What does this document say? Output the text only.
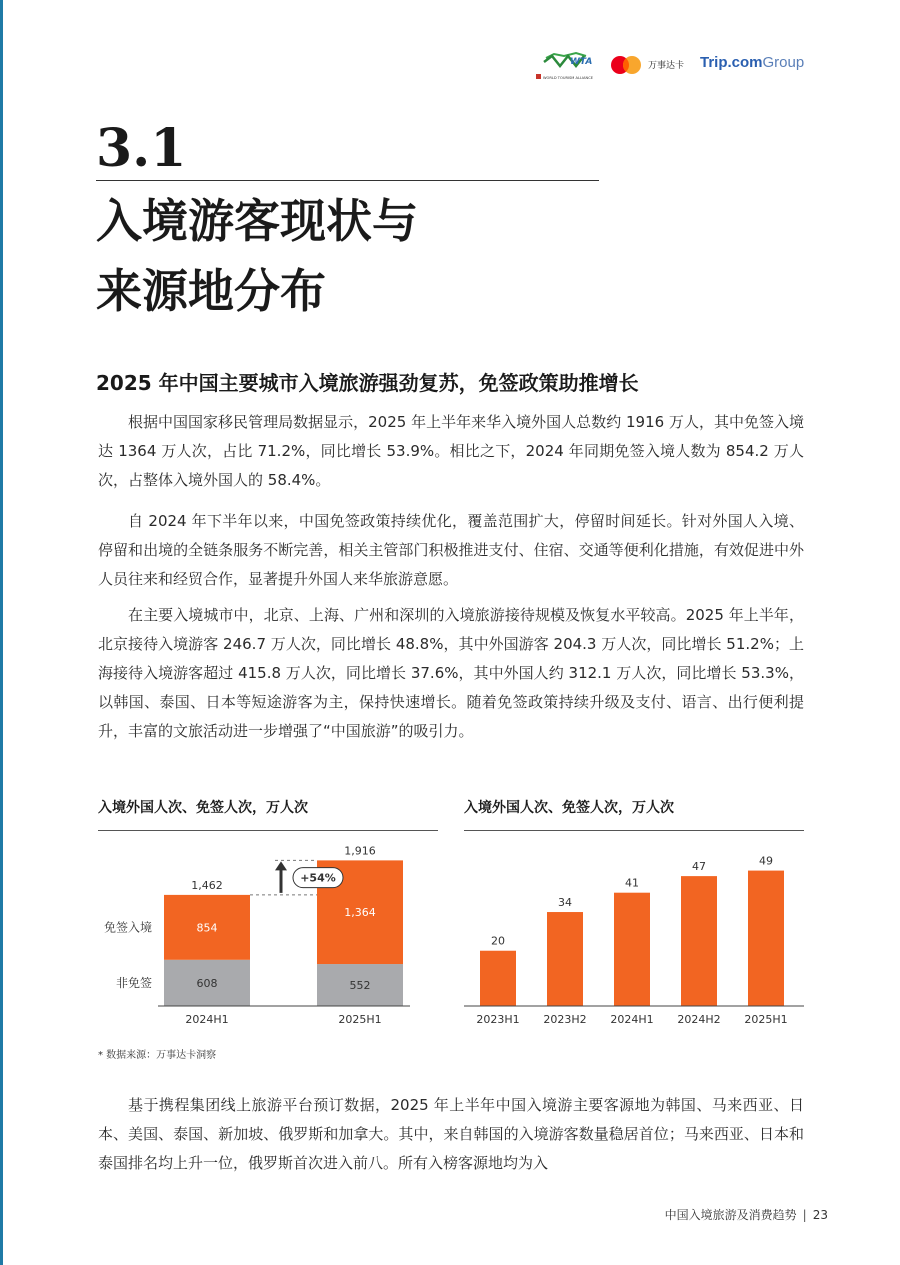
WTA
WORLD TOURISM ALLIANCE
万事达卡 Trip.comGroup
3.1
入境游客现状与
来源地分布
2025 年中国主要城市入境旅游强劲复苏，免签政策助推增长

根据中国国家移民管理局数据显示，2025 年上半年来华入境外国人总数约 1916 万人，其中免签入境达 1364 万人次，占比 71.2%，同比增长 53.9%。相比之下，2024 年同期免签入境人数为 854.2 万人次，占整体入境外国人的 58.4%。

自 2024 年下半年以来，中国免签政策持续优化，覆盖范围扩大，停留时间延长。针对外国人入境、停留和出境的全链条服务不断完善，相关主管部门积极推进支付、住宿、交通等便利化措施，有效促进中外人员往来和经贸合作，显著提升外国人来华旅游意愿。

在主要入境城市中，北京、上海、广州和深圳的入境旅游接待规模及恢复水平较高。2025 年上半年，北京接待入境游客 246.7 万人次，同比增长 48.8%，其中外国游客 204.3 万人次，同比增长 51.2%；上海接待入境游客超过 415.8 万人次，同比增长 37.6%，其中外国人约 312.1 万人次，同比增长 53.3%，以韩国、泰国、日本等短途游客为主，保持快速增长。随着免签政策持续升级及支付、语言、出行便利提升，丰富的文旅活动进一步增强了“中国旅游”的吸引力。

入境外国人次、免签人次，万人次
608
854
1,462
2024H1
552
1,364
1,916
2025H1
非免签
免签入境
+54%
入境外国人次、免签人次，万人次
20
2023H1
34
2023H2
41
2024H1
47
2024H2
49
2025H1
* 数据来源：万事达卡洞察

基于携程集团线上旅游平台预订数据，2025 年上半年中国入境游主要客源地为韩国、马来西亚、日本、美国、泰国、新加坡、俄罗斯和加拿大。其中，来自韩国的入境游客数量稳居首位；马来西亚、日本和泰国排名均上升一位，俄罗斯首次进入前八。所有入榜客源地均为入

中国入境旅游及消费趋势 | 23
